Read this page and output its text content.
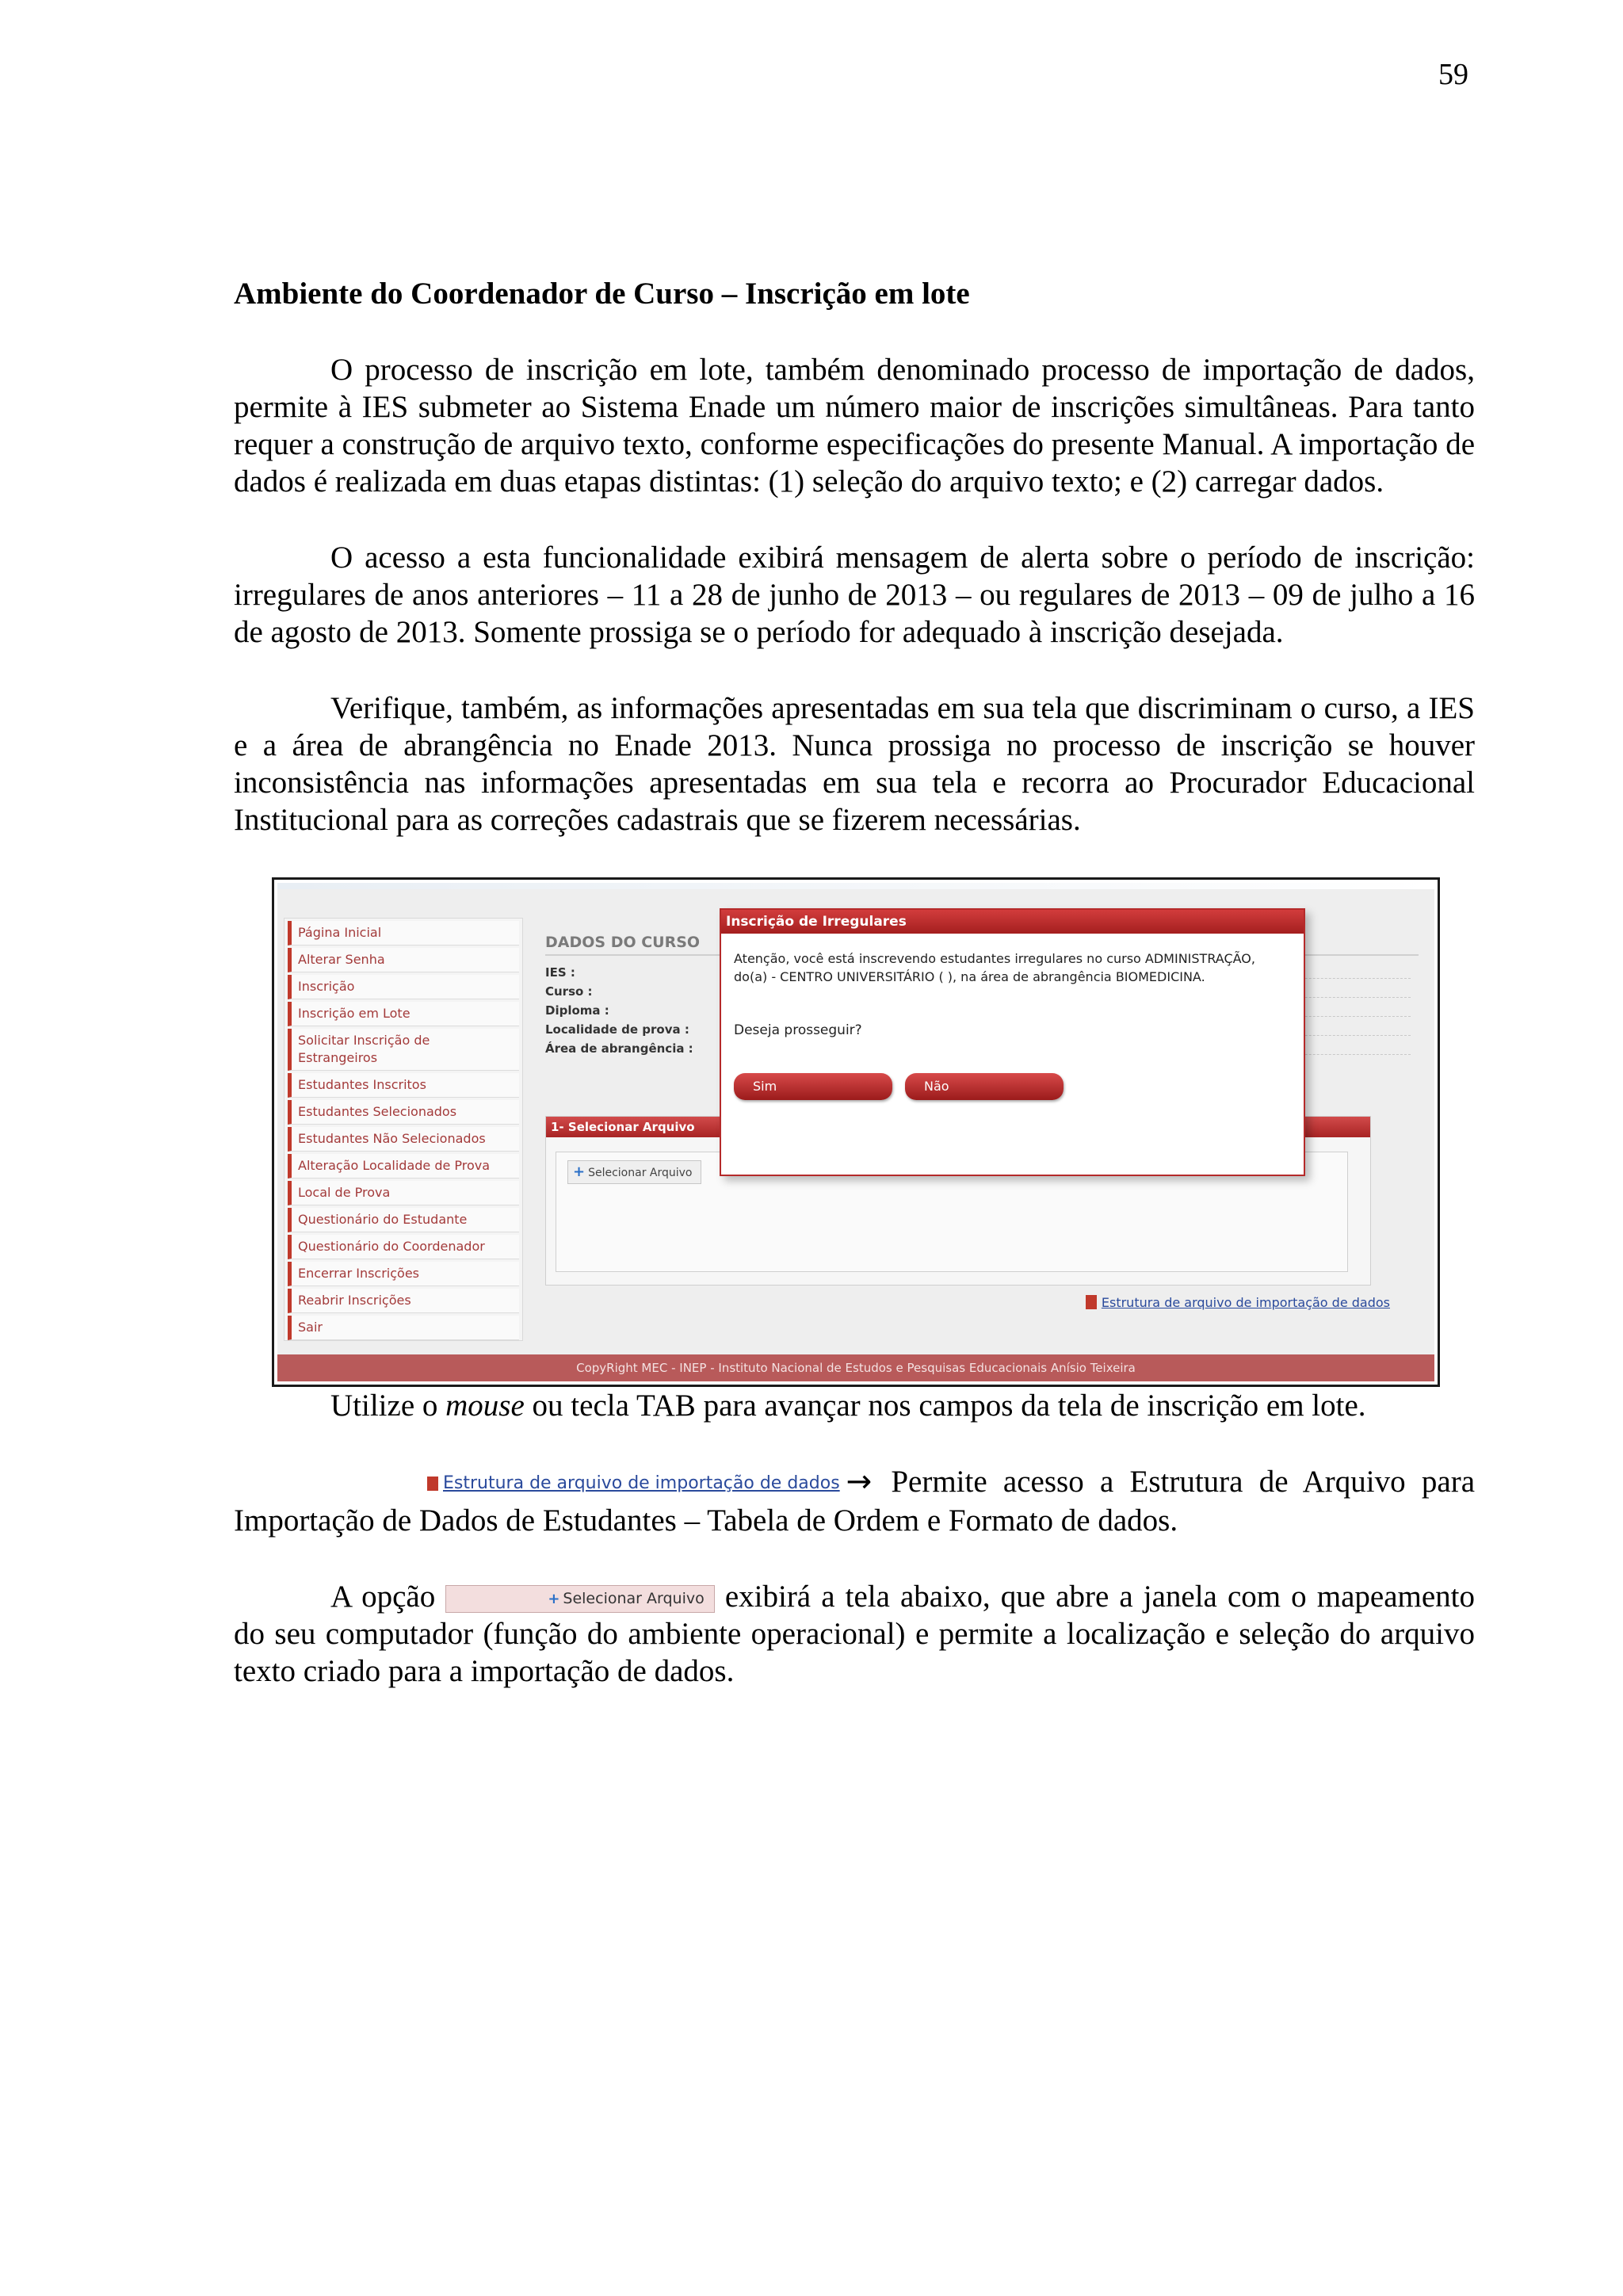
59
Ambiente do Coordenador de Curso – Inscrição em lote

O processo de inscrição em lote, também denominado processo de importação de dados, permite à IES submeter ao Sistema Enade um número maior de inscrições simultâneas. Para tanto requer a construção de arquivo texto, conforme especificações do presente Manual. A importação de dados é realizada em duas etapas distintas: (1) seleção do arquivo texto; e (2) carregar dados.

O acesso a esta funcionalidade exibirá mensagem de alerta sobre o período de inscrição: irregulares de anos anteriores – 11 a 28 de junho de 2013 – ou regulares de 2013 – 09 de julho a 16 de agosto de 2013. Somente prossiga se o período for adequado à inscrição desejada.

Verifique, também, as informações apresentadas em sua tela que discriminam o curso, a IES e a área de abrangência no Enade 2013. Nunca prossiga no processo de inscrição se houver inconsistência nas informações apresentadas em sua tela e recorra ao Procurador Educacional Institucional para as correções cadastrais que se fizerem necessárias.

Página Inicial
Alterar Senha
Inscrição
Inscrição em Lote
Solicitar Inscrição de Estrangeiros
Estudantes Inscritos
Estudantes Selecionados
Estudantes Não Selecionados
Alteração Localidade de Prova
Local de Prova
Questionário do Estudante
Questionário do Coordenador
Encerrar Inscrições
Reabrir Inscrições
Sair
DADOS DO CURSO
IES :
Curso :
Diploma :
Localidade de prova :
Área de abrangência :
1- Selecionar Arquivo
+ Selecionar Arquivo
Estrutura de arquivo de importação de dados
Inscrição de Irregulares
Atenção, você está inscrevendo estudantes irregulares no curso ADMINISTRAÇÃO, do(a) - CENTRO UNIVERSITÁRIO ( ), na área de abrangência BIOMEDICINA.
Deseja prosseguir?
Sim	Não
CopyRight MEC - INEP - Instituto Nacional de Estudos e Pesquisas Educacionais Anísio Teixeira

Utilize o mouse ou tecla TAB para avançar nos campos da tela de inscrição em lote.

Estrutura de arquivo de importação de dados → Permite acesso a Estrutura de Arquivo para Importação de Dados de Estudantes – Tabela de Ordem e Formato de dados.

A opção	+ Selecionar Arquivo exibirá a tela abaixo, que abre a janela com o mapeamento do seu computador (função do ambiente operacional) e permite a localização e seleção do arquivo texto criado para a importação de dados.
